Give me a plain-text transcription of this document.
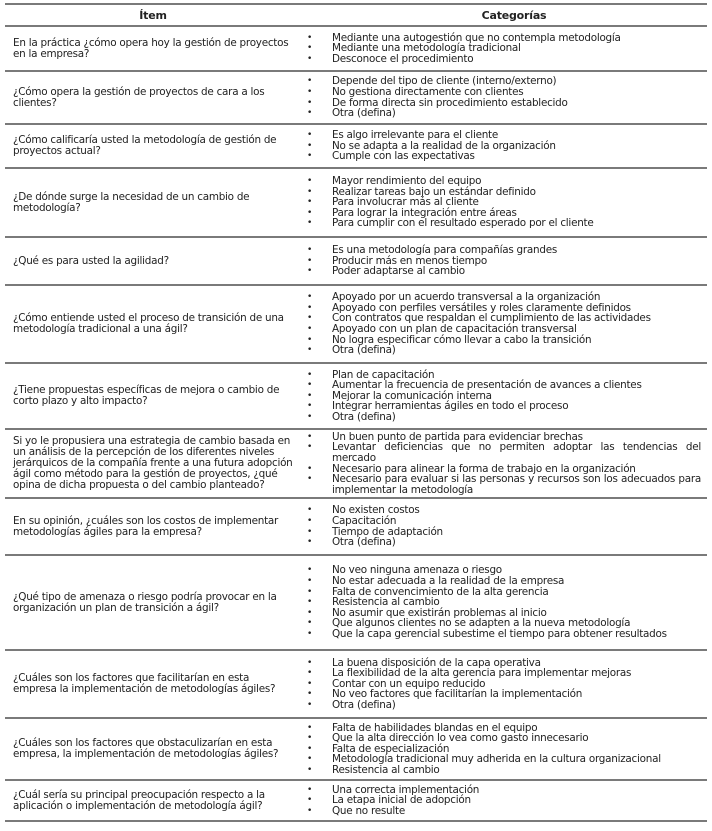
Ítem	Categorías
En la práctica ¿cómo opera hoy la gestión de proyectos en la empresa?
• Mediante una autogestión que no contempla metodología
• Mediante una metodología tradicional
• Desconoce el procedimiento
¿Cómo opera la gestión de proyectos de cara a los clientes?
• Depende del tipo de cliente (interno/externo)
• No gestiona directamente con clientes
• De forma directa sin procedimiento establecido
• Otra (defina)
¿Cómo calificaría usted la metodología de gestión de proyectos actual?
• Es algo irrelevante para el cliente
• No se adapta a la realidad de la organización
• Cumple con las expectativas
¿De dónde surge la necesidad de un cambio de metodología?
• Mayor rendimiento del equipo
• Realizar tareas bajo un estándar definido
• Para involucrar más al cliente
• Para lograr la integración entre áreas
• Para cumplir con el resultado esperado por el cliente
¿Qué es para usted la agilidad?
• Es una metodología para compañías grandes
• Producir más en menos tiempo
• Poder adaptarse al cambio
¿Cómo entiende usted el proceso de transición de una metodología tradicional a una ágil?
• Apoyado por un acuerdo transversal a la organización
• Apoyado con perfiles versátiles y roles claramente definidos
• Con contratos que respaldan el cumplimiento de las actividades
• Apoyado con un plan de capacitación transversal
• No logra especificar cómo llevar a cabo la transición
• Otra (defina)
¿Tiene propuestas específicas de mejora o cambio de corto plazo y alto impacto?
• Plan de capacitación
• Aumentar la frecuencia de presentación de avances a clientes
• Mejorar la comunicación interna
• Integrar herramientas ágiles en todo el proceso
• Otra (defina)
Si yo le propusiera una estrategia de cambio basada en un análisis de la percepción de los diferentes niveles jerárquicos de la compañía frente a una futura adopción ágil como método para la gestión de proyectos, ¿qué opina de dicha propuesta o del cambio planteado?
• Un buen punto de partida para evidenciar brechas
• Levantar deficiencias que no permiten adoptar las tendencias del mercado
• Necesario para alinear la forma de trabajo en la organización
• Necesario para evaluar si las personas y recursos son los adecuados para implementar la metodología
En su opinión, ¿cuáles son los costos de implementar metodologías ágiles para la empresa?
• No existen costos
• Capacitación
• Tiempo de adaptación
• Otra (defina)
¿Qué tipo de amenaza o riesgo podría provocar en la organización un plan de transición a ágil?
• No veo ninguna amenaza o riesgo
• No estar adecuada a la realidad de la empresa
• Falta de convencimiento de la alta gerencia
• Resistencia al cambio
• No asumir que existirán problemas al inicio
• Que algunos clientes no se adapten a la nueva metodología
• Que la capa gerencial subestime el tiempo para obtener resultados
¿Cuáles son los factores que facilitarían en esta empresa la implementación de metodologías ágiles?
• La buena disposición de la capa operativa
• La flexibilidad de la alta gerencia para implementar mejoras
• Contar con un equipo reducido
• No veo factores que facilitarían la implementación
• Otra (defina)
¿Cuáles son los factores que obstaculizarían en esta empresa, la implementación de metodologías ágiles?
• Falta de habilidades blandas en el equipo
• Que la alta dirección lo vea como gasto innecesario
• Falta de especialización
• Metodología tradicional muy adherida en la cultura organizacional
• Resistencia al cambio
¿Cuál sería su principal preocupación respecto a la aplicación o implementación de metodología ágil?
• Una correcta implementación
• La etapa inicial de adopción
• Que no resulte
